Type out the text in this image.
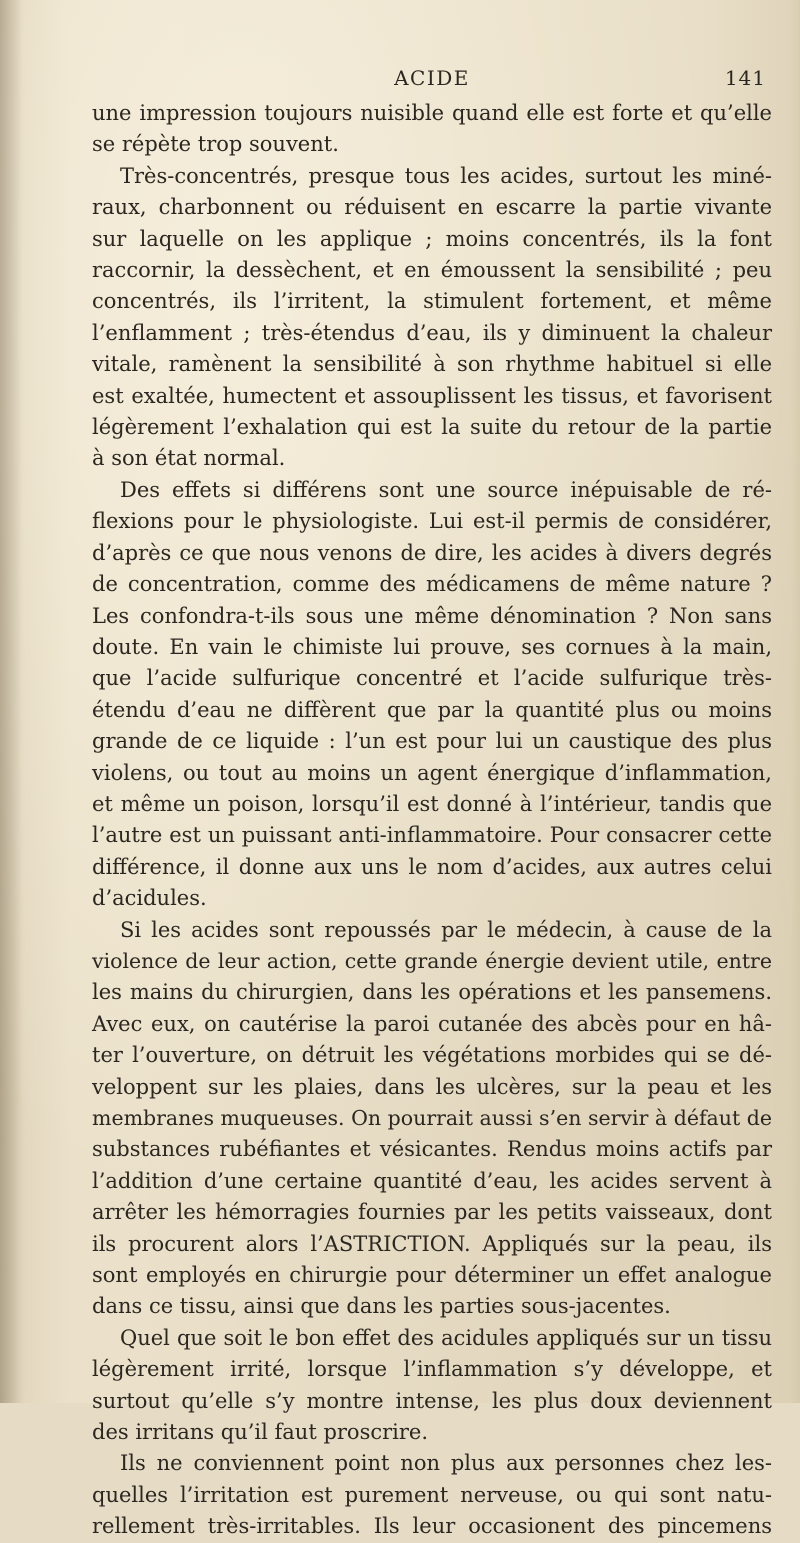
ACIDE	141
une impression toujours nuisible quand elle est forte et qu’elle
se répète trop souvent.
Très-concentrés, presque tous les acides, surtout les miné-
raux, charbonnent ou réduisent en escarre la partie vivante
sur laquelle on les applique ; moins concentrés, ils la font
raccornir, la dessèchent, et en émoussent la sensibilité ; peu
concentrés, ils l’irritent, la stimulent fortement, et même
l’enflamment ; très-étendus d’eau, ils y diminuent la chaleur
vitale, ramènent la sensibilité à son rhythme habituel si elle
est exaltée, humectent et assouplissent les tissus, et favorisent
légèrement l’exhalation qui est la suite du retour de la partie
à son état normal.
Des effets si différens sont une source inépuisable de ré-
flexions pour le physiologiste. Lui est-il permis de considérer,
d’après ce que nous venons de dire, les acides à divers degrés
de concentration, comme des médicamens de même nature ?
Les confondra-t-ils sous une même dénomination ? Non sans
doute. En vain le chimiste lui prouve, ses cornues à la main,
que l’acide sulfurique concentré et l’acide sulfurique très-
étendu d’eau ne diffèrent que par la quantité plus ou moins
grande de ce liquide : l’un est pour lui un caustique des plus
violens, ou tout au moins un agent énergique d’inflammation,
et même un poison, lorsqu’il est donné à l’intérieur, tandis que
l’autre est un puissant anti-inflammatoire. Pour consacrer cette
différence, il donne aux uns le nom d’acides, aux autres celui
d’acidules.
Si les acides sont repoussés par le médecin, à cause de la
violence de leur action, cette grande énergie devient utile, entre
les mains du chirurgien, dans les opérations et les pansemens.
Avec eux, on cautérise la paroi cutanée des abcès pour en hâ-
ter l’ouverture, on détruit les végétations morbides qui se dé-
veloppent sur les plaies, dans les ulcères, sur la peau et les
membranes muqueuses. On pourrait aussi s’en servir à défaut de
substances rubéfiantes et vésicantes. Rendus moins actifs par
l’addition d’une certaine quantité d’eau, les acides servent à
arrêter les hémorragies fournies par les petits vaisseaux, dont
ils procurent alors l’ASTRICTION. Appliqués sur la peau, ils
sont employés en chirurgie pour déterminer un effet analogue
dans ce tissu, ainsi que dans les parties sous-jacentes.
Quel que soit le bon effet des acidules appliqués sur un tissu
légèrement irrité, lorsque l’inflammation s’y développe, et
surtout qu’elle s’y montre intense, les plus doux deviennent
des irritans qu’il faut proscrire.
Ils ne conviennent point non plus aux personnes chez les-
quelles l’irritation est purement nerveuse, ou qui sont natu-
rellement très-irritables. Ils leur occasionent des pincemens
